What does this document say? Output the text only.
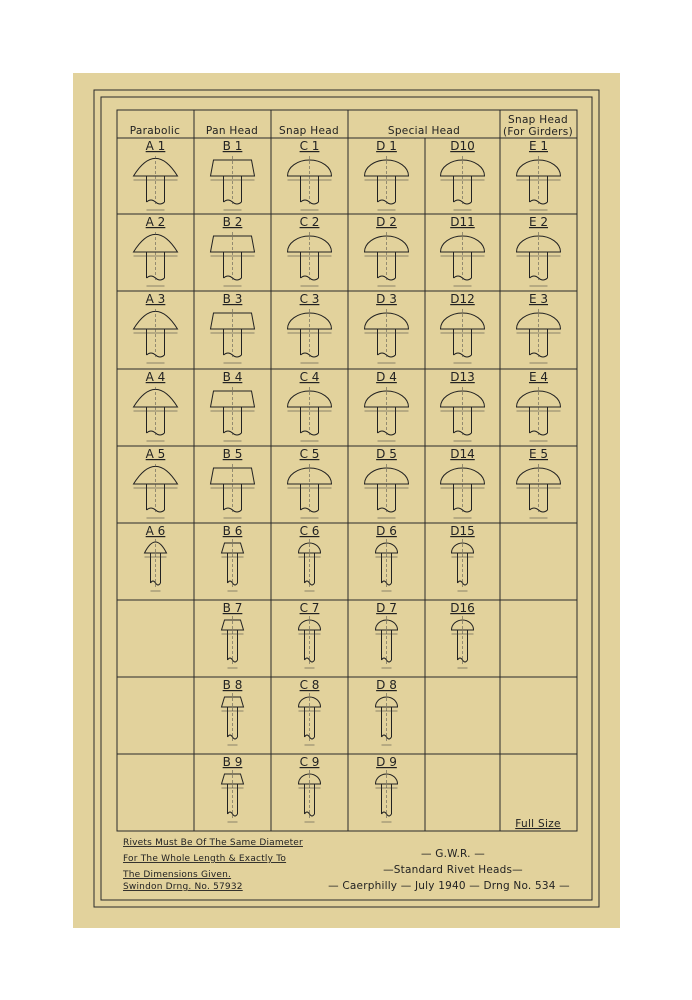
Parabolic Pan Head Snap Head	Special Head
Snap Head
(For Girders)
A 1
A 2
A 3
A 4
A 5
A 6
B 1
B 2
B 3
B 4
B 5
B 6
B 7
B 8
B 9
C 1
C 2
C 3
C 4
C 5
C 6
C 7
C 8
C 9
D 1
D 2
D 3
D 4
D 5
D 6
D 7
D 8
D 9
D10
D11
D12
D13
D14
D15
D16
E 1
E 2
E 3
E 4
E 5
Full Size
Rivets Must Be Of The Same Diameter
For The Whole Length & Exactly To
The Dimensions Given.
Swindon Drng. No. 57932
— G.W.R. —
—Standard Rivet Heads—
— Caerphilly — July 1940 — Drng No. 534 —
